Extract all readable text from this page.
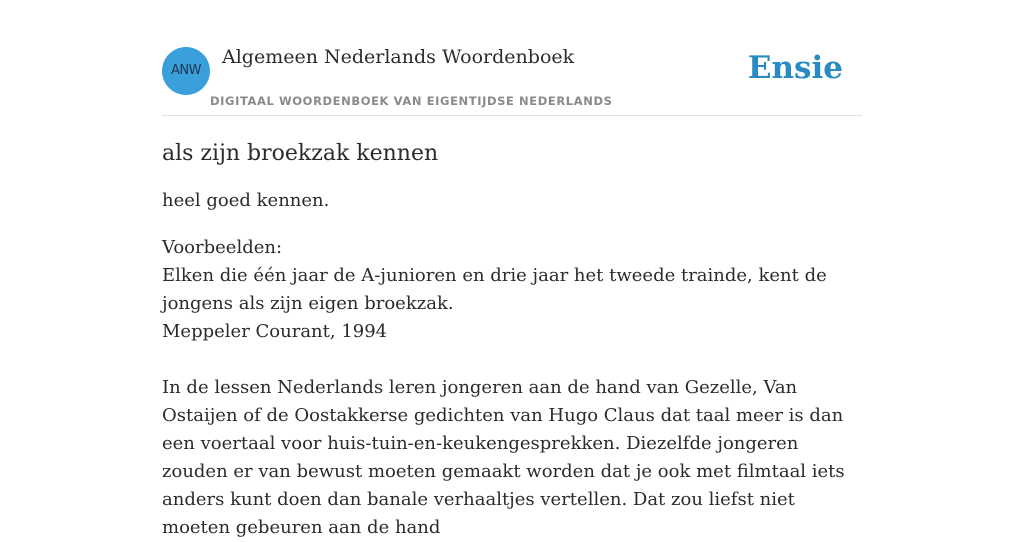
ANW
Algemeen Nederlands Woordenboek
DIGITAAL WOORDENBOEK VAN EIGENTIJDSE NEDERLANDS
Ensie
als zijn broekzak kennen

heel goed kennen.

Voorbeelden:
Elken die één jaar de A-junioren en drie jaar het tweede trainde, kent de jongens als zijn eigen broekzak.
Meppeler Courant, 1994
In de lessen Nederlands leren jongeren aan de hand van Gezelle, Van Ostaijen of de Oostakkerse gedichten van Hugo Claus dat taal meer is dan een voertaal voor huis-tuin-en-keukengesprekken. Diezelfde jongeren zouden er van bewust moeten gemaakt worden dat je ook met filmtaal iets anders kunt doen dan banale verhaaltjes vertellen. Dat zou liefst niet moeten gebeuren aan de hand
